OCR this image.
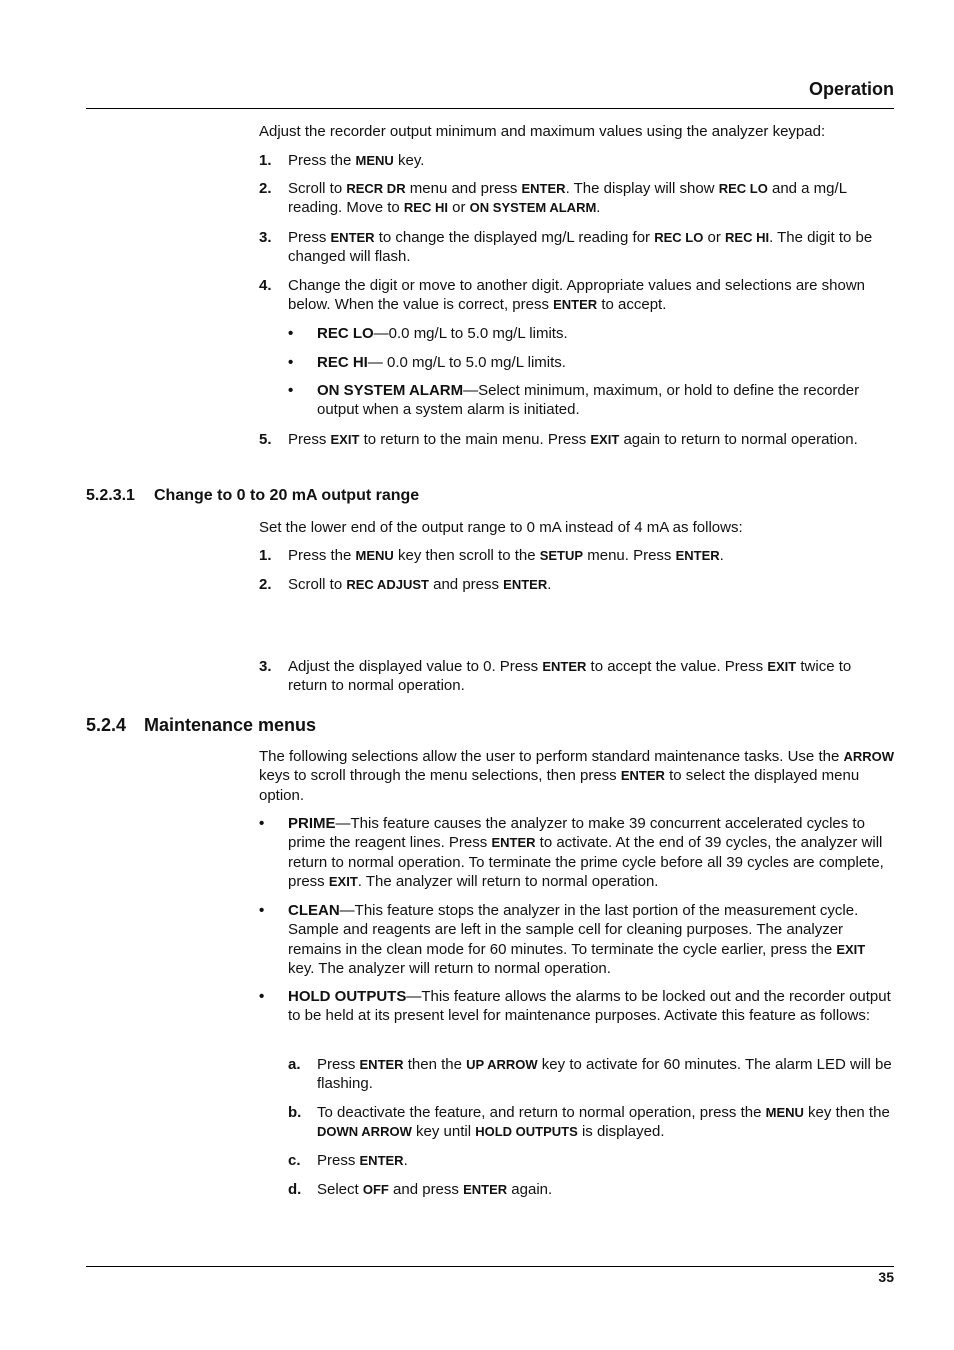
Operation
Adjust the recorder output minimum and maximum values using the analyzer keypad:
1. Press the MENU key.
2. Scroll to RECR DR menu and press ENTER. The display will show REC LO and a mg/L reading. Move to REC HI or ON SYSTEM ALARM.
3. Press ENTER to change the displayed mg/L reading for REC LO or REC HI. The digit to be changed will flash.
4. Change the digit or move to another digit. Appropriate values and selections are shown below. When the value is correct, press ENTER to accept.
• REC LO—0.0 mg/L to 5.0 mg/L limits.
• REC HI— 0.0 mg/L to 5.0 mg/L limits.
• ON SYSTEM ALARM—Select minimum, maximum, or hold to define the recorder output when a system alarm is initiated.
5. Press EXIT to return to the main menu. Press EXIT again to return to normal operation.
5.2.3.1 Change to 0 to 20 mA output range
Set the lower end of the output range to 0 mA instead of 4 mA as follows:
1. Press the MENU key then scroll to the SETUP menu. Press ENTER.
2. Scroll to REC ADJUST and press ENTER.
3. Adjust the displayed value to 0. Press ENTER to accept the value. Press EXIT twice to return to normal operation.
5.2.4 Maintenance menus
The following selections allow the user to perform standard maintenance tasks. Use the ARROW keys to scroll through the menu selections, then press ENTER to select the displayed menu option.
• PRIME—This feature causes the analyzer to make 39 concurrent accelerated cycles to prime the reagent lines. Press ENTER to activate. At the end of 39 cycles, the analyzer will return to normal operation. To terminate the prime cycle before all 39 cycles are complete, press EXIT. The analyzer will return to normal operation.
• CLEAN—This feature stops the analyzer in the last portion of the measurement cycle. Sample and reagents are left in the sample cell for cleaning purposes. The analyzer remains in the clean mode for 60 minutes. To terminate the cycle earlier, press the EXIT key. The analyzer will return to normal operation.
• HOLD OUTPUTS—This feature allows the alarms to be locked out and the recorder output to be held at its present level for maintenance purposes. Activate this feature as follows:
a. Press ENTER then the UP ARROW key to activate for 60 minutes. The alarm LED will be flashing.
b. To deactivate the feature, and return to normal operation, press the MENU key then the DOWN ARROW key until HOLD OUTPUTS is displayed.
c. Press ENTER.
d. Select OFF and press ENTER again.
35
